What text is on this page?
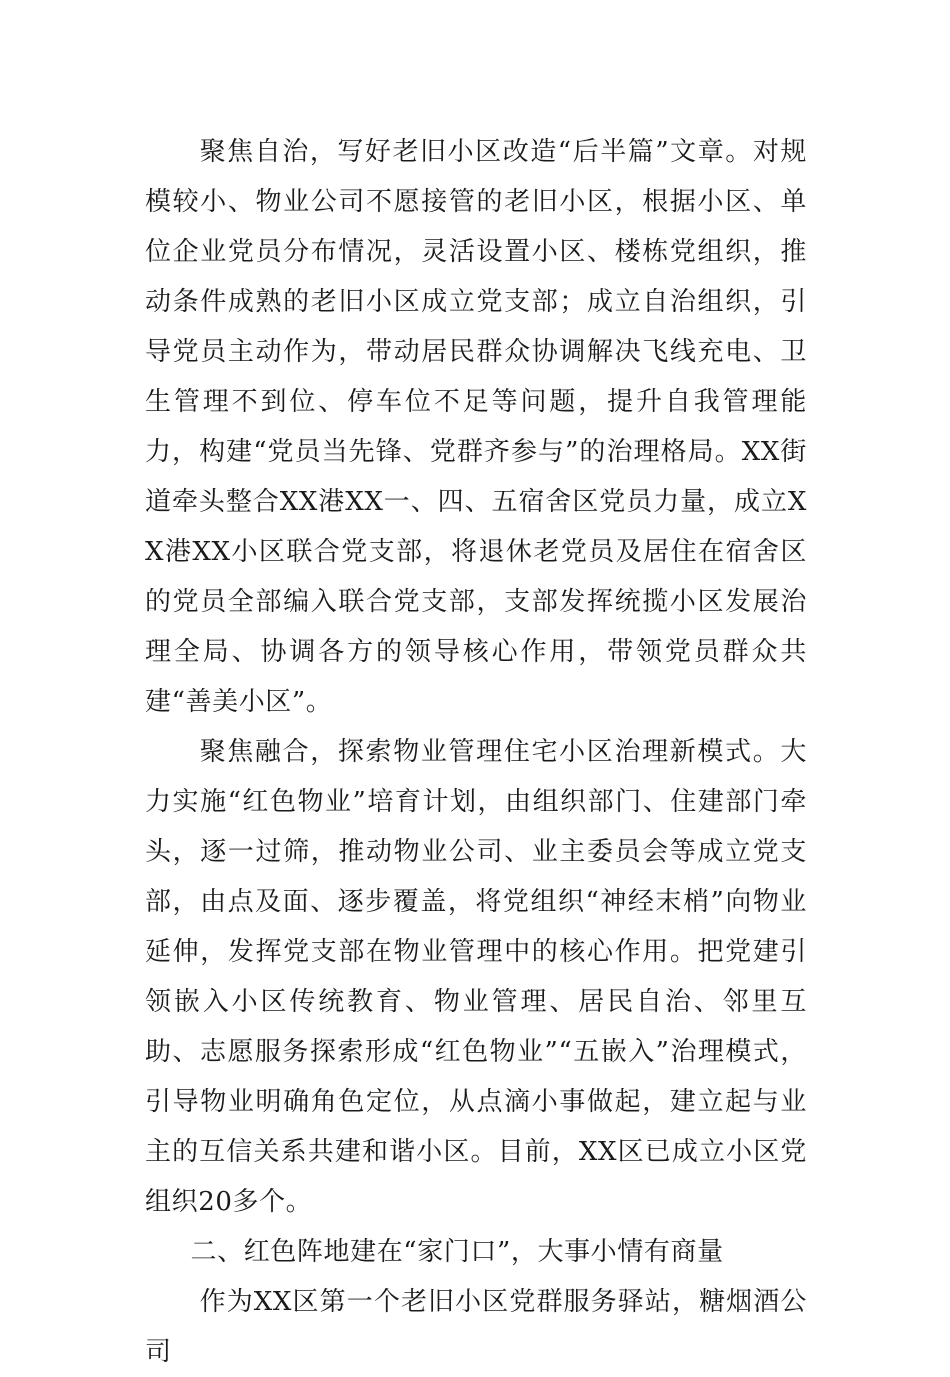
聚焦自治，写好老旧小区改造“后半篇”文章。对规模较小、物业公司不愿接管的老旧小区，根据小区、单位企业党员分布情况，灵活设置小区、楼栋党组织，推动条件成熟的老旧小区成立党支部；成立自治组织，引导党员主动作为，带动居民群众协调解决飞线充电、卫生管理不到位、停车位不足等问题，提升自我管理能力，构建“党员当先锋、党群齐参与”的治理格局。XX街道牵头整合XX港XX一、四、五宿舍区党员力量，成立XX港XX小区联合党支部，将退休老党员及居住在宿舍区的党员全部编入联合党支部，支部发挥统揽小区发展治理全局、协调各方的领导核心作用，带领党员群众共建“善美小区”。

聚焦融合，探索物业管理住宅小区治理新模式。大力实施“红色物业”培育计划，由组织部门、住建部门牵头，逐一过筛，推动物业公司、业主委员会等成立党支部，由点及面、逐步覆盖，将党组织“神经末梢”向物业延伸，发挥党支部在物业管理中的核心作用。把党建引领嵌入小区传统教育、物业管理、居民自治、邻里互助、志愿服务探索形成“红色物业”“五嵌入”治理模式，引导物业明确角色定位，从点滴小事做起，建立起与业主的互信关系共建和谐小区。目前，XX区已成立小区党组织20多个。

二、红色阵地建在“家门口”，大事小情有商量

作为XX区第一个老旧小区党群服务驿站，糖烟酒公司
